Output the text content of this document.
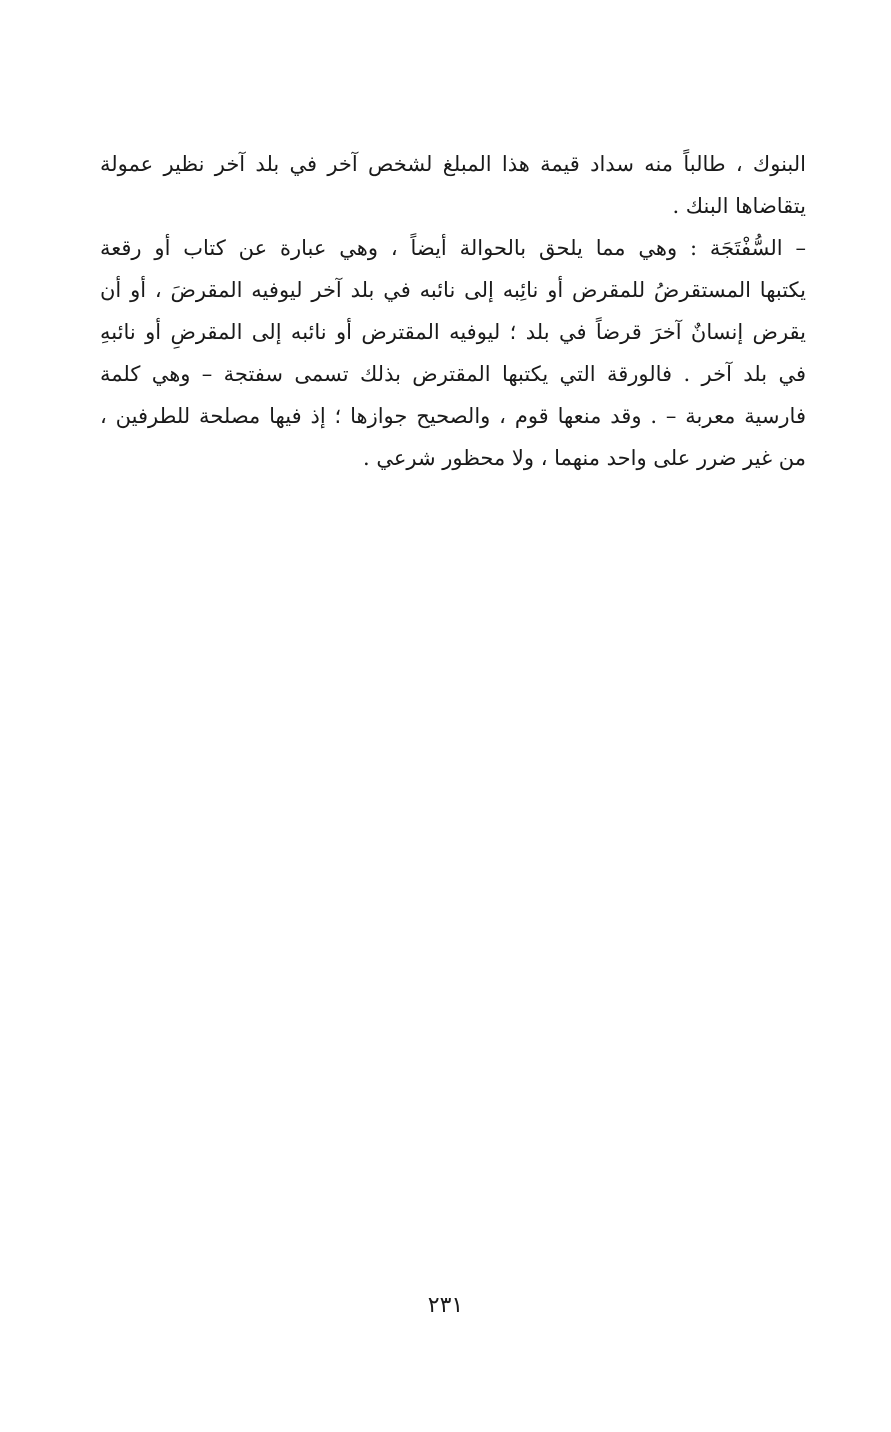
البنوك ، طالباً منه سداد قيمة هذا المبلغ لشخص آخر في بلد آخر نظير عمولة
يتقاضاها البنك .
– السُّفْتَجَة : وهي مما يلحق بالحوالة أيضاً ، وهي عبارة عن كتاب أو رقعة
يكتبها المستقرضُ للمقرض أو نائِبه إلى نائبه في بلد آخر ليوفيه المقرضَ ، أو أن
يقرض إنسانٌ آخرَ قرضاً في بلد ؛ ليوفيه المقترض أو نائبه إلى المقرضِ أو نائبهِ
في بلد آخر . فالورقة التي يكتبها المقترض بذلك تسمى سفتجة – وهي كلمة
فارسية معربة – . وقد منعها قوم ، والصحيح جوازها ؛ إذ فيها مصلحة للطرفين ،
من غير ضرر على واحد منهما ، ولا محظور شرعي .
٢٣١
